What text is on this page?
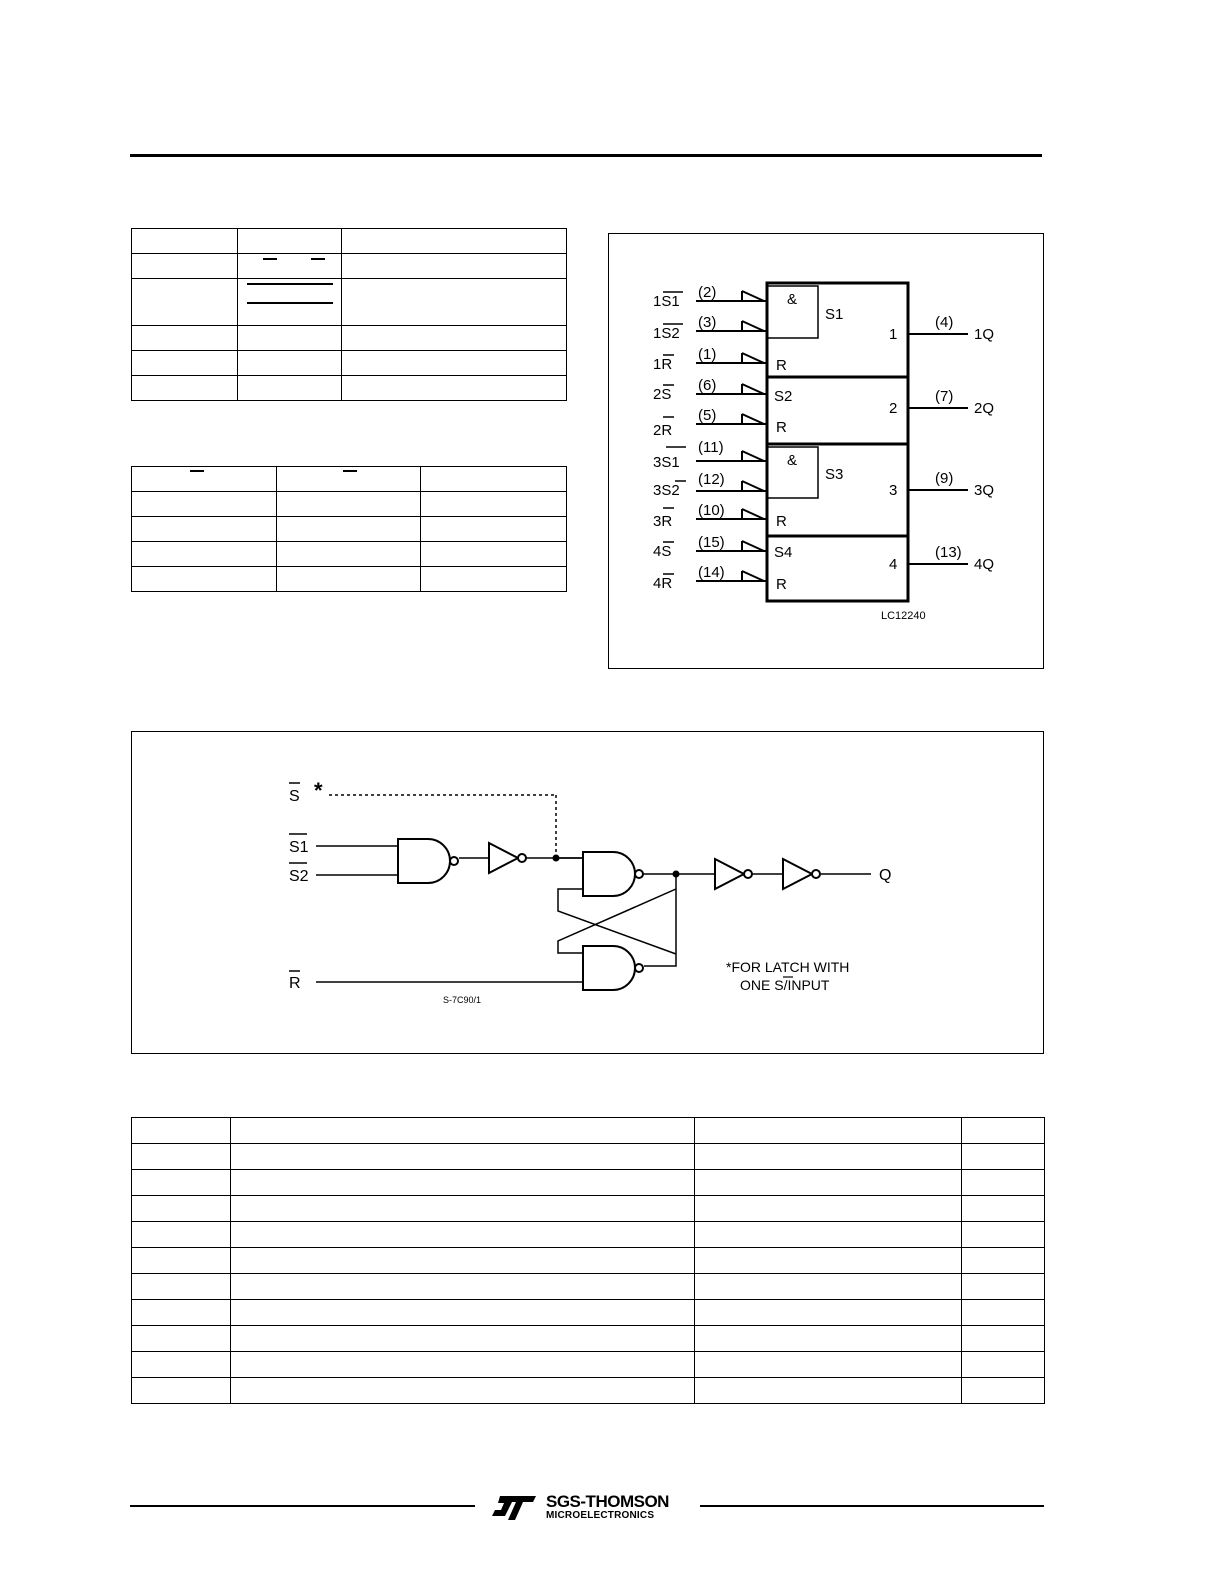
1S1
1S2
1R
2S
2R
3S1
3S2
3R
4S
4R
(2)
(3)
(1)
(6)
(5)
(11)
(12)
(10)
(15)
(14)
&
S1
R
1
S2
R
2
&
S3
R
3
S4
R
4
(4)
1Q
(7)
2Q
(9)
3Q
(13)
4Q
LC12240
S *
S1
S2
R
Q
*FOR LATCH WITH
ONE S/INPUT
S-7C90/1

SGS-THOMSON
MICROELECTRONICS
